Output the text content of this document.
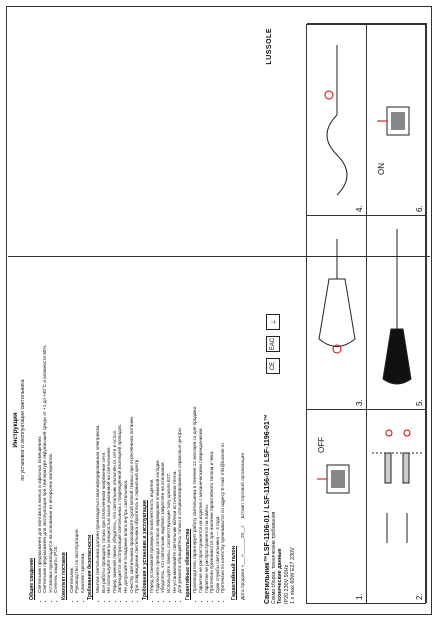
Инструкция по установке и эксплуатации светильника
Общие сведения • Светильник предназначен для монтажа в жилых и офисных помещениях. • Светильник предназначен для эксплуатации при температуре окружающей среды от +1 до +40°C и влажности 80%. • Установка производится на основание из негорючих материалов. • Степень защиты IP20. Комплект поставки • Светильник. • Руководство по эксплуатации. • Комплект крепежа. Требования безопасности • Монтаж светильника должен производиться квалифицированным электриком. • Все работы проводить только при отключенном напряжении сети. • Не используйте лампы мощностью выше указанной на светильнике. • Перед заменой лампы убедитесь, что светильник отключён от сети и остыл. • Запрещается эксплуатация светильника с повреждённой изоляцией проводов. • Не допускайте попадания влаги внутрь светильника. • Очистку светильника производите сухой мягкой тканью при отключённом питании. • При повреждении светильника обратитесь в сервисный центр. Требования к установке и эксплуатации • Перед установкой проверьте комплектность изделия. • Подключите провода согласно маркировке клеммной колодки. • Убедитесь, что светильник надёжно закреплён на основании. • Используйте лампы, соответствующие типу цоколя E27. • Не устанавливайте светильник вблизи источников тепла. • Для ремонта обращайтесь только в специализированные сервисные центры. Гарантийные обязательства • Производитель гарантирует работу светильника в течение 12 месяцев со дня продажи. • Гарантия не распространяется на изделия с механическими повреждениями. • Гарантия не распространяется на лампы. • Претензии принимаются при наличии гарантийного талона и чека. • Срок службы светильника — 3 года. • Претензии по качеству принимаются по адресу E-mail: info@lussole.ru Гарантийный талон Дата продажи «___»______20__г.     Штамп торговой организации	Светильник™LSF-1106-01 / LSF-1156-01 / LSF-1196-01™ Схема сборки, технические требования Технические данные IP20 230V 50Hz 1 x max 60W E27 230V
CE
EAC
⏚
LUSSOLE
1.
OFF
2.
3.	5.
4.	6.
ON
